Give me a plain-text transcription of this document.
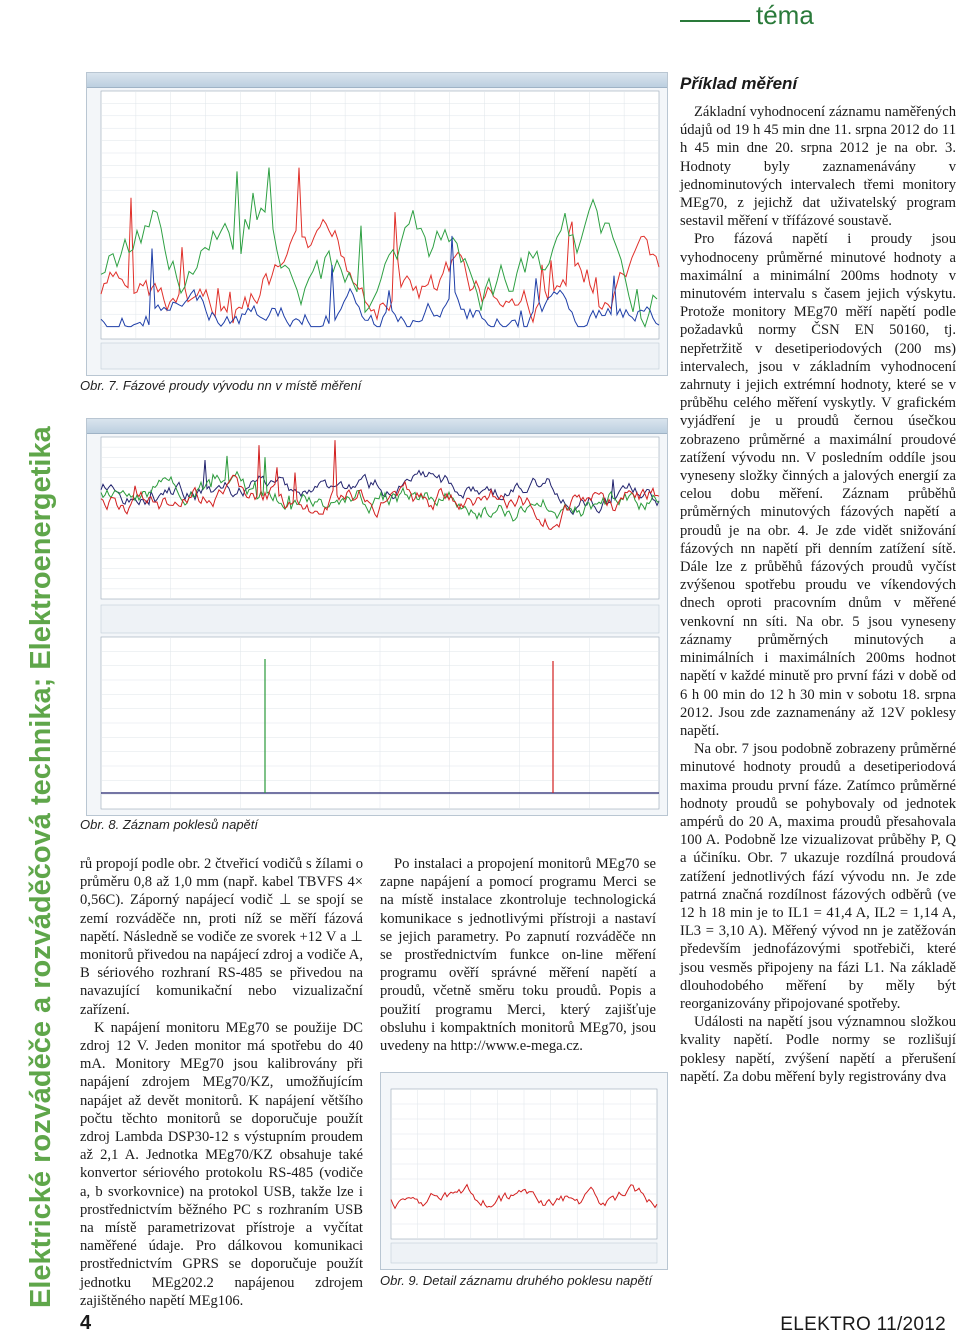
Elektrické rozváděče a rozváděčová technika; Elektroenergetika
téma
Obr. 7. Fázové proudy vývodu nn v místě měření
Obr. 8. Záznam poklesů napětí
Obr. 9. Detail záznamu druhého poklesu napětí
Příklad měření

Základní vyhodnocení záznamu naměřených údajů od 19 h 45 min dne 11. srpna 2012 do 11 h 45 min dne 20. srpna 2012 je na obr. 3. Hodnoty byly zaznamenávány v jednominutových intervalech třemi monitory MEg70, z jejichž dat uživatelský program sestavil měření v třífázové soustavě.

Pro fázová napětí i proudy jsou vyhodnoceny průměrné minutové hodnoty a maximální a minimální 200ms hodnoty v minutovém intervalu s časem jejich výskytu. Protože monitory MEg70 měří napětí podle požadavků normy ČSN EN 50160, tj. nepřetržitě v desetiperiodových (200 ms) intervalech, jsou v základním vyhodnocení zahrnuty i jejich extrémní hodnoty, které se v průběhu celého měření vyskytly. V grafickém vyjádření je u proudů černou úsečkou zobrazeno průměrné a maximální proudové zatížení vývodu nn. V posledním oddíle jsou vyneseny složky činných a jalových energií za celou dobu měření. Záznam průběhů průměrných minutových fázových napětí a proudů je na obr. 4. Je zde vidět snižování fázových nn napětí při denním zatížení sítě. Dále lze z průběhů fázových proudů vyčíst zvýšenou spotřebu proudu ve víkendových dnech oproti pracovním dnům v měřené venkovní nn síti. Na obr. 5 jsou vyneseny záznamy průměrných minutových a minimálních i maximálních 200ms hodnot napětí v každé minutě pro první fázi v době od 6 h 00 min do 12 h 30 min v sobotu 18. srpna 2012. Jsou zde zaznamenány až 12V poklesy napětí.

Na obr. 7 jsou podobně zobrazeny průměrné minutové hodnoty proudů a desetiperiodová maxima proudu první fáze. Zatímco průměrné hodnoty proudů se pohybovaly od jednotek ampérů do 20 A, maxima proudů přesahovala 100 A. Podobně lze vizualizovat průběhy P, Q a účiníku. Obr. 7 ukazuje rozdílná proudová zatížení jednotlivých fází vývodu nn. Je zde patrná značná rozdílnost fázových odběrů (ve 12 h 18 min je to IL1 = 41,4 A, IL2 = 1,14 A, IL3 = 3,10 A). Měřený vývod nn je zatěžován především jednofázovými spotřebiči, které jsou vesměs připojeny na fázi L1. Na základě dlouhodobého měření by měly být reorganizovány připojované spotřeby.

Události na napětí jsou významnou složkou kvality napětí. Podle normy se rozlišují poklesy napětí, zvýšení napětí a přerušení napětí. Za dobu měření byly registrovány dva

Po instalaci a propojení monitorů MEg70 se zapne napájení a pomocí programu Merci se na místě instalace zkontroluje technologická komunikace s jednotlivými přístroji a nastaví se jejich parametry. Po zapnutí rozváděče nn se prostřednictvím funkce on-line měření programu ověří správné měření napětí a proudů, včetně směru toku proudů. Popis a použití programu Merci, který zajišťuje obsluhu i kompaktních monitorů MEg70, jsou uvedeny na http://www.e-mega.cz.

rů propojí podle obr. 2 čtveřicí vodičů s žílami o průměru 0,8 až 1,0 mm (např. kabel TBVFS 4× 0,56C). Záporný napájecí vodič ⊥ se spojí se zemí rozváděče nn, proti níž se měří fázová napětí. Následně se vodiče ze svorek +12 V a ⊥ monitorů přivedou na napájecí zdroj a vodiče A, B sériového rozhraní RS-485 se přivedou na navazující komunikační nebo vizualizační zařízení.

K napájení monitoru MEg70 se použije DC zdroj 12 V. Jeden monitor má spotřebu do 40 mA. Monitory MEg70 jsou kalibrovány při napájení zdrojem MEg70/KZ, umožňujícím napájet až devět monitorů. K napájení většího počtu těchto monitorů se doporučuje použít zdroj Lambda DSP30-12 s výstupním proudem až 2,1 A. Jednotka MEg70/KZ obsahuje také konvertor sériového protokolu RS-485 (vodiče a, b svorkovnice) na protokol USB, takže lze i prostřednictvím běžného PC s rozhraním USB na místě parametrizovat přístroje a vyčítat naměřené údaje. Pro dálkovou komunikaci prostřednictvím GPRS se doporučuje použít jednotku MEg202.2 napájenou zdrojem zajištěného napětí MEg106.

4	ELEKTRO 11/2012
